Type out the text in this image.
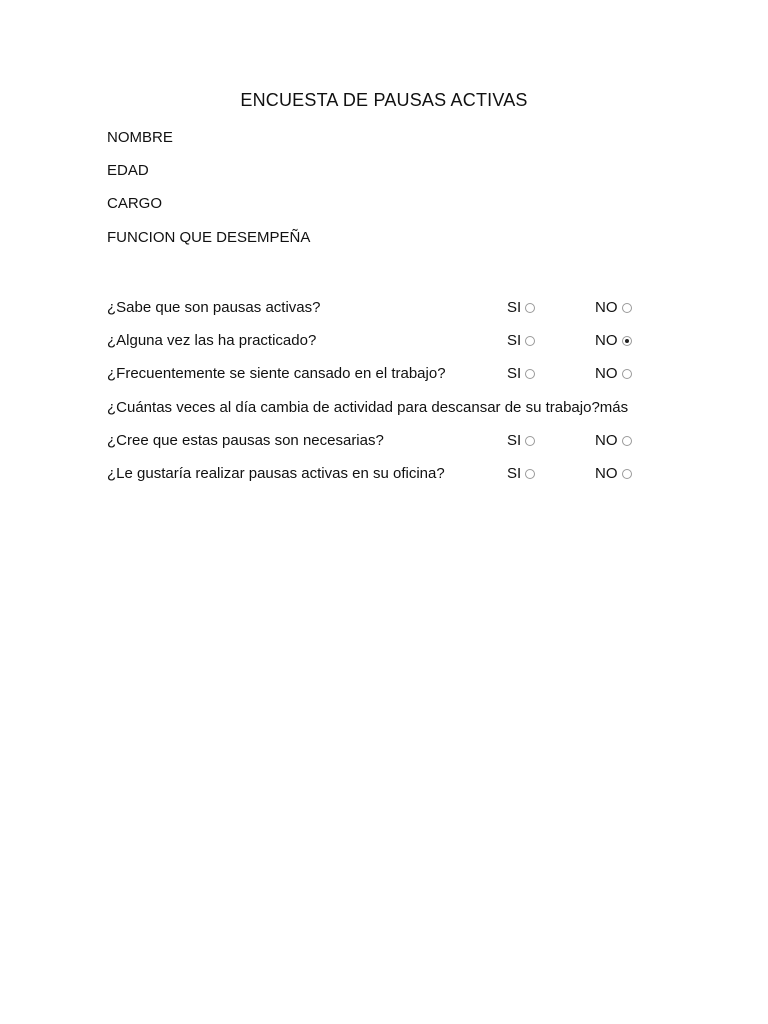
ENCUESTA DE PAUSAS ACTIVAS
NOMBRE
EDAD
CARGO
FUNCION QUE DESEMPEÑA
¿Sabe que son pausas activas?	SI	NO
¿Alguna vez las ha practicado?	SI	NO
¿Frecuentemente se siente cansado en el trabajo?	SI	NO
¿Cuántas veces al día cambia de actividad para descansar de su trabajo?más
¿Cree que estas pausas son necesarias?	SI	NO
¿Le gustaría realizar pausas activas en su oficina?	SI	NO
